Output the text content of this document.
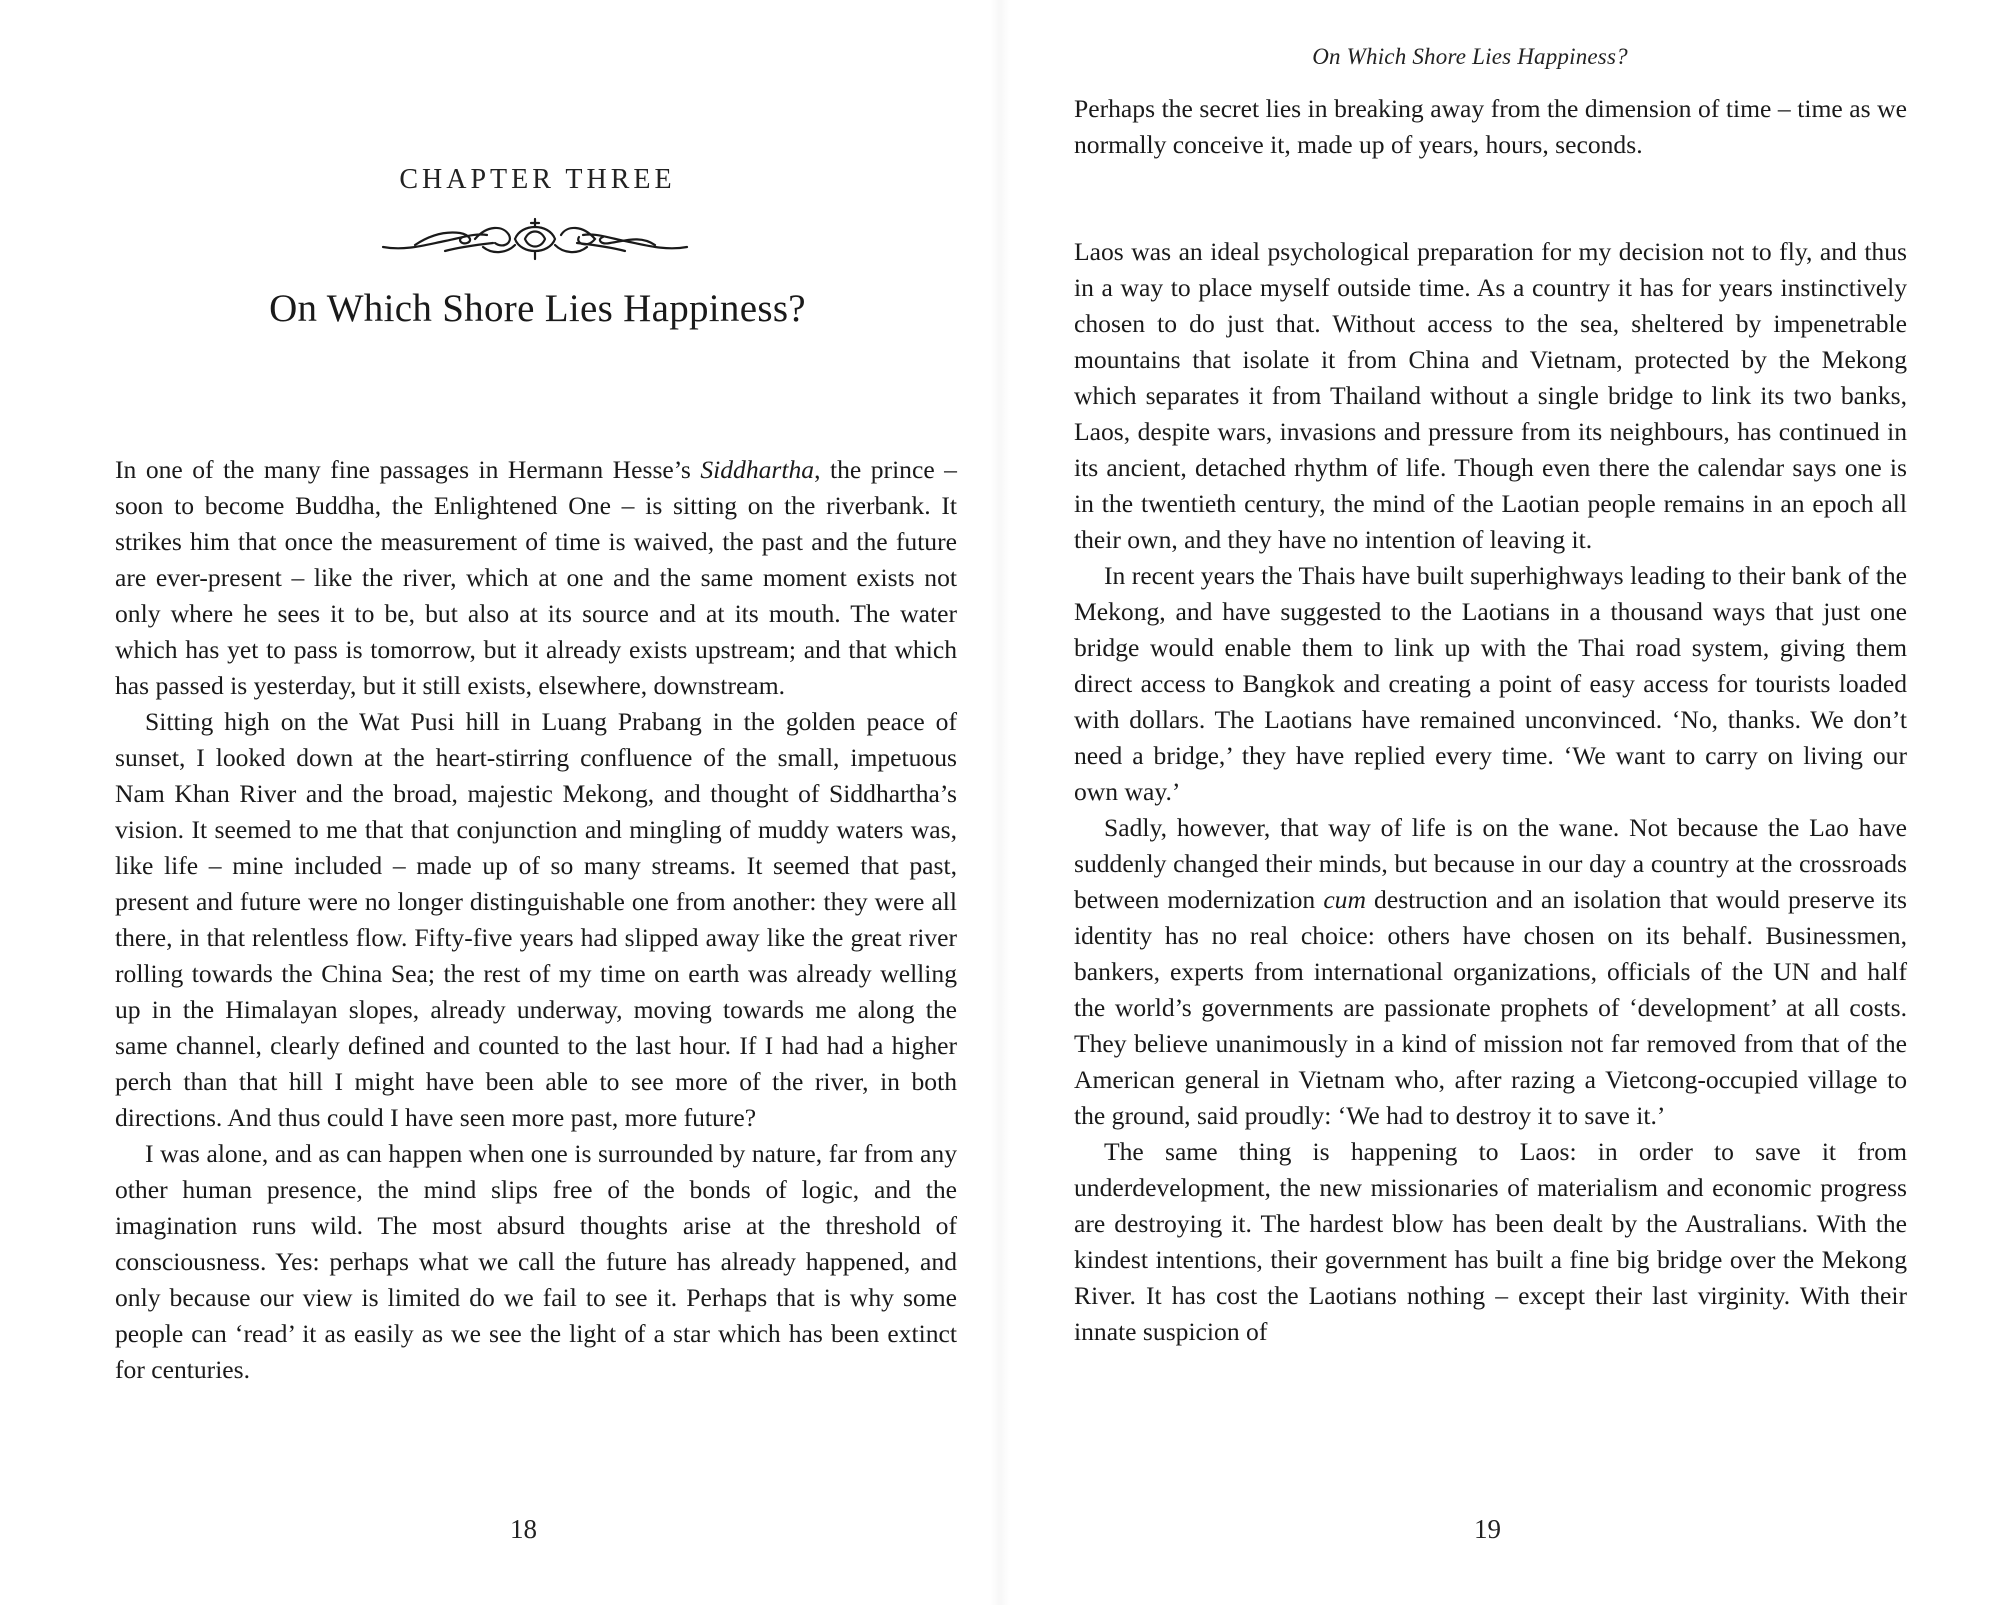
CHAPTER THREE
On Which Shore Lies Happiness?

In one of the many fine passages in Hermann Hesse’s Siddhartha, the prince – soon to become Buddha, the Enlightened One – is sitting on the riverbank. It strikes him that once the measurement of time is waived, the past and the future are ever-present – like the river, which at one and the same moment exists not only where he sees it to be, but also at its source and at its mouth. The water which has yet to pass is tomorrow, but it already exists upstream; and that which has passed is yesterday, but it still exists, elsewhere, downstream.

Sitting high on the Wat Pusi hill in Luang Prabang in the golden peace of sunset, I looked down at the heart-stirring confluence of the small, impetuous Nam Khan River and the broad, majestic Mekong, and thought of Siddhartha’s vision. It seemed to me that that conjunction and mingling of muddy waters was, like life – mine included – made up of so many streams. It seemed that past, present and future were no longer distinguishable one from another: they were all there, in that relentless flow. Fifty-five years had slipped away like the great river rolling towards the China Sea; the rest of my time on earth was already welling up in the Himalayan slopes, already underway, moving towards me along the same channel, clearly defined and counted to the last hour. If I had had a higher perch than that hill I might have been able to see more of the river, in both directions. And thus could I have seen more past, more future?

I was alone, and as can happen when one is surrounded by nature, far from any other human presence, the mind slips free of the bonds of logic, and the imagination runs wild. The most absurd thoughts arise at the threshold of consciousness. Yes: perhaps what we call the future has already happened, and only because our view is limited do we fail to see it. Perhaps that is why some people can ‘read’ it as easily as we see the light of a star which has been extinct for centuries.

18
On Which Shore Lies Happiness?

Perhaps the secret lies in breaking away from the dimension of time – time as we normally conceive it, made up of years, hours, seconds.

Laos was an ideal psychological preparation for my decision not to fly, and thus in a way to place myself outside time. As a country it has for years instinctively chosen to do just that. Without access to the sea, sheltered by impenetrable mountains that isolate it from China and Vietnam, protected by the Mekong which separates it from Thailand without a single bridge to link its two banks, Laos, despite wars, invasions and pressure from its neighbours, has continued in its ancient, detached rhythm of life. Though even there the calendar says one is in the twentieth century, the mind of the Laotian people remains in an epoch all their own, and they have no intention of leaving it.

In recent years the Thais have built superhighways leading to their bank of the Mekong, and have suggested to the Laotians in a thousand ways that just one bridge would enable them to link up with the Thai road system, giving them direct access to Bangkok and creating a point of easy access for tourists loaded with dollars. The Laotians have remained unconvinced. ‘No, thanks. We don’t need a bridge,’ they have replied every time. ‘We want to carry on living our own way.’

Sadly, however, that way of life is on the wane. Not because the Lao have suddenly changed their minds, but because in our day a country at the crossroads between modernization cum destruction and an isolation that would preserve its identity has no real choice: others have chosen on its behalf. Businessmen, bankers, experts from international organizations, officials of the UN and half the world’s governments are passionate prophets of ‘development’ at all costs. They believe unanimously in a kind of mission not far removed from that of the American general in Vietnam who, after razing a Vietcong-occupied village to the ground, said proudly: ‘We had to destroy it to save it.’

The same thing is happening to Laos: in order to save it from underdevelopment, the new missionaries of materialism and economic progress are destroying it. The hardest blow has been dealt by the Australians. With the kindest intentions, their government has built a fine big bridge over the Mekong River. It has cost the Laotians nothing – except their last virginity. With their innate suspicion of

19
